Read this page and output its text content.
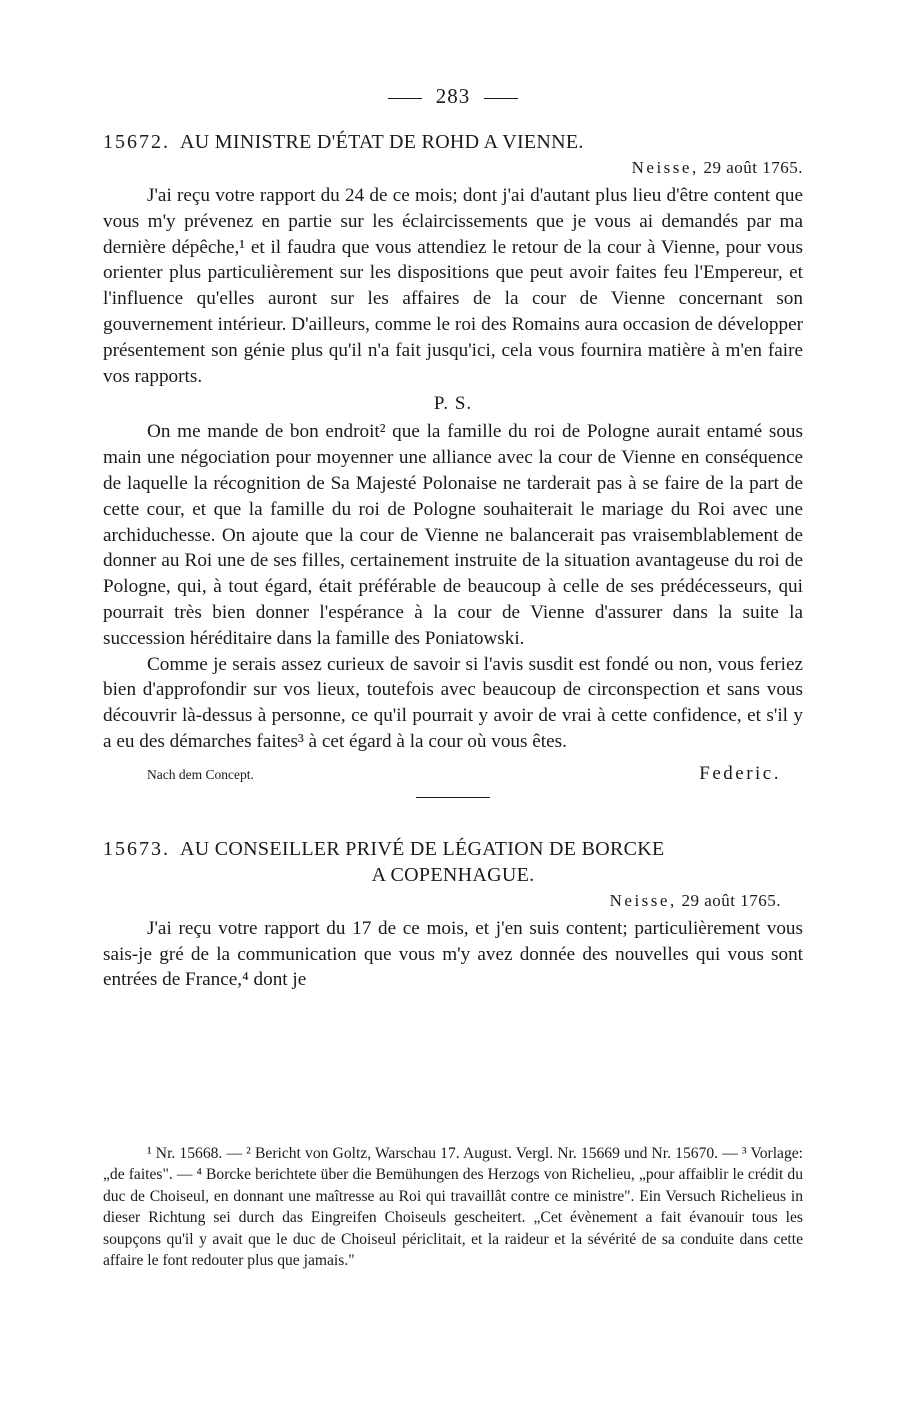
283

15672. AU MINISTRE D'ÉTAT DE ROHD A VIENNE.

Neisse, 29 août 1765.

J'ai reçu votre rapport du 24 de ce mois; dont j'ai d'autant plus lieu d'être content que vous m'y prévenez en partie sur les éclaircissements que je vous ai demandés par ma dernière dépêche,¹ et il faudra que vous attendiez le retour de la cour à Vienne, pour vous orienter plus particulièrement sur les dispositions que peut avoir faites feu l'Empereur, et l'influence qu'elles auront sur les affaires de la cour de Vienne concernant son gouvernement intérieur. D'ailleurs, comme le roi des Romains aura occasion de développer présentement son génie plus qu'il n'a fait jusqu'ici, cela vous fournira matière à m'en faire vos rapports.

P. S.

On me mande de bon endroit² que la famille du roi de Pologne aurait entamé sous main une négociation pour moyenner une alliance avec la cour de Vienne en conséquence de laquelle la récognition de Sa Majesté Polonaise ne tarderait pas à se faire de la part de cette cour, et que la famille du roi de Pologne souhaiterait le mariage du Roi avec une archiduchesse. On ajoute que la cour de Vienne ne balancerait pas vraisemblablement de donner au Roi une de ses filles, certainement instruite de la situation avantageuse du roi de Pologne, qui, à tout égard, était préférable de beaucoup à celle de ses prédécesseurs, qui pourrait très bien donner l'espérance à la cour de Vienne d'assurer dans la suite la succession héréditaire dans la famille des Poniatowski.

Comme je serais assez curieux de savoir si l'avis susdit est fondé ou non, vous feriez bien d'approfondir sur vos lieux, toutefois avec beaucoup de circonspection et sans vous découvrir là-dessus à personne, ce qu'il pourrait y avoir de vrai à cette confidence, et s'il y a eu des démarches faites³ à cet égard à la cour où vous êtes.

Nach dem Concept.	Federic.

15673. AU CONSEILLER PRIVÉ DE LÉGATION DE BORCKE

A COPENHAGUE.

Neisse, 29 août 1765.

J'ai reçu votre rapport du 17 de ce mois, et j'en suis content; particulièrement vous sais-je gré de la communication que vous m'y avez donnée des nouvelles qui vous sont entrées de France,⁴ dont je

¹ Nr. 15668. — ² Bericht von Goltz, Warschau 17. August. Vergl. Nr. 15669 und Nr. 15670. — ³ Vorlage: „de faites". — ⁴ Borcke berichtete über die Bemühungen des Herzogs von Richelieu, „pour affaiblir le crédit du duc de Choiseul, en donnant une maîtresse au Roi qui travaillât contre ce ministre". Ein Versuch Richelieus in dieser Richtung sei durch das Eingreifen Choiseuls gescheitert. „Cet évènement a fait évanouir tous les soupçons qu'il y avait que le duc de Choiseul périclitait, et la raideur et la sévérité de sa conduite dans cette affaire le font redouter plus que jamais."
